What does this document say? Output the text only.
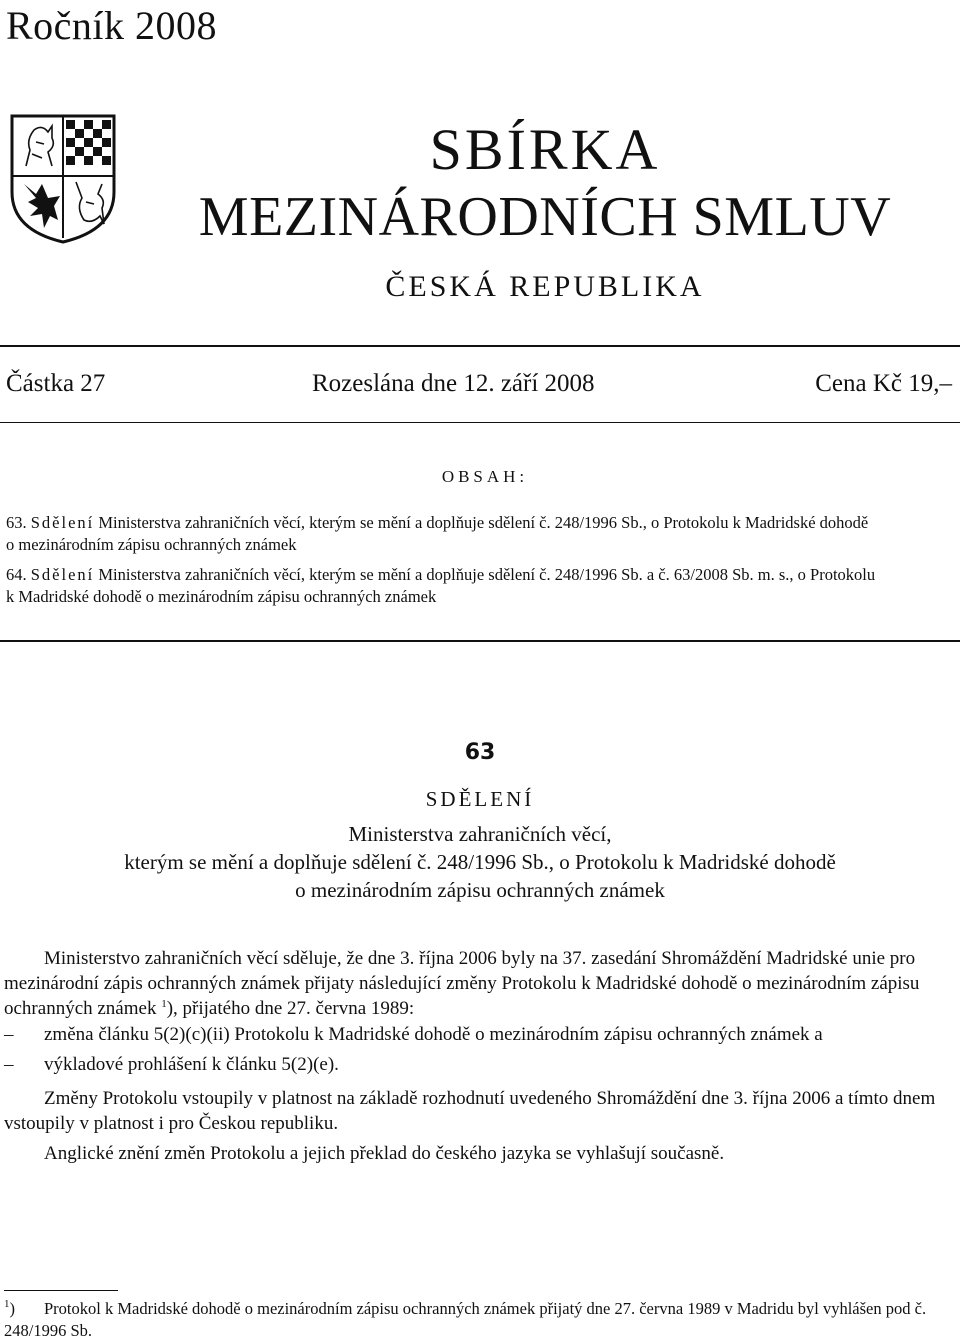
Ročník 2008
SBÍRKA
MEZINÁRODNÍCH SMLUV
ČESKÁ REPUBLIKA
Částka 27	Rozeslána dne 12. září 2008	Cena Kč 19,–
OBSAH:
63. Sdělení Ministerstva zahraničních věcí, kterým se mění a doplňuje sdělení č. 248/1996 Sb., o Protokolu k Madridské dohodě
o mezinárodním zápisu ochranných známek
64. Sdělení Ministerstva zahraničních věcí, kterým se mění a doplňuje sdělení č. 248/1996 Sb. a č. 63/2008 Sb. m. s., o Protokolu
k Madridské dohodě o mezinárodním zápisu ochranných známek
63
SDĚLENÍ
Ministerstva zahraničních věcí,
kterým se mění a doplňuje sdělení č. 248/1996 Sb., o Protokolu k Madridské dohodě
o mezinárodním zápisu ochranných známek
Ministerstvo zahraničních věcí sděluje, že dne 3. října 2006 byly na 37. zasedání Shromáždění Madridské unie pro mezinárodní zápis ochranných známek přijaty následující změny Protokolu k Madridské dohodě o mezinárodním zápisu ochranných známek $^1$), přijatého dne 27. června 1989:
– změna článku 5(2)(c)(ii) Protokolu k Madridské dohodě o mezinárodním zápisu ochranných známek a
– výkladové prohlášení k článku 5(2)(e).
Změny Protokolu vstoupily v platnost na základě rozhodnutí uvedeného Shromáždění dne 3. října 2006 a tímto dnem vstoupily v platnost i pro Českou republiku.
Anglické znění změn Protokolu a jejich překlad do českého jazyka se vyhlašují současně.
$^1$) Protokol k Madridské dohodě o mezinárodním zápisu ochranných známek přijatý dne 27. června 1989 v Madridu byl vyhlášen pod č. 248/1996 Sb.
